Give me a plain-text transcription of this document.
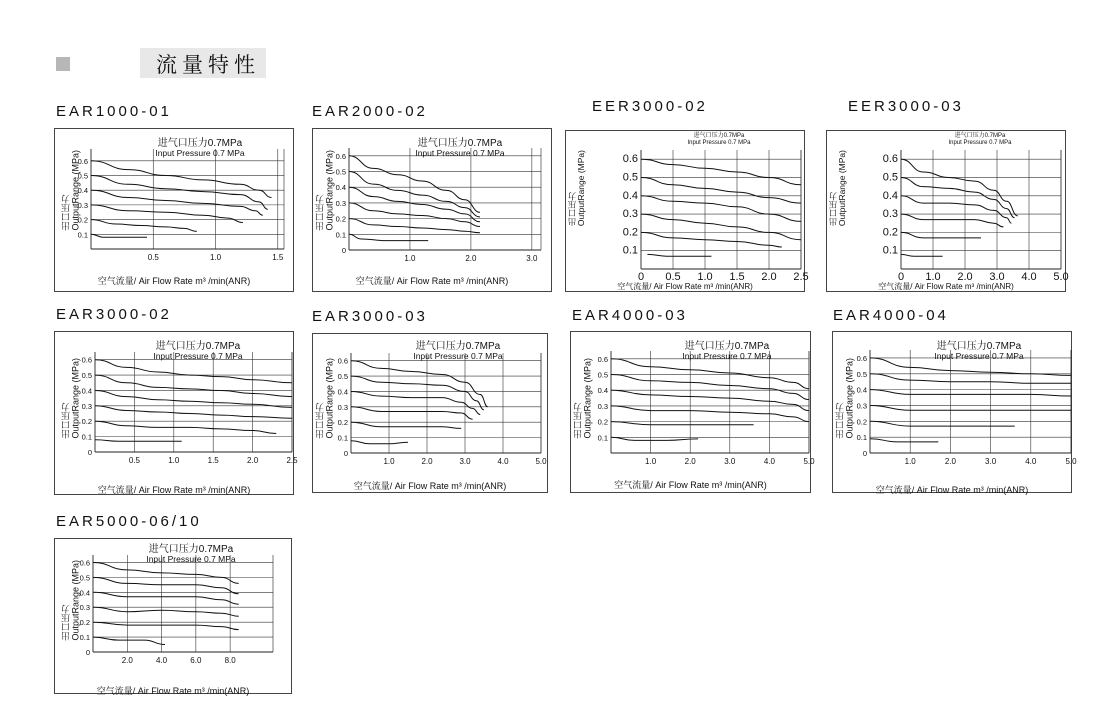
流量特性
EAR1000-01
0.1
0.2
0.3
0.4
0.5
0.6
0.5	1.0	1.5
进气口压力0.7MPa
Input Pressure 0.7 MPa
出口压力
OutputRange (MPa)
空气流量/ Air Flow Rate m³ /min(ANR)
EAR2000-02
0
0.1
0.2
0.3
0.4
0.5
0.6
1.0	2.0	3.0
进气口压力0.7MPa
Input Pressure 0.7 MPa
出口压力
OutputRange (MPa)
空气流量/ Air Flow Rate m³ /min(ANR)
EER3000-02
0.1
0.2
0.3
0.4
0.5
0.6
0 0.5 1.0 1.5 2.0 2.5
进气口压力0.7MPa
Input Pressure 0.7 MPa
出口压力
OutputRange (MPa)
空气流量/ Air Flow Rate m³ /min(ANR)
EER3000-03
0.1
0.2
0.3
0.4
0.5
0.6
0 1.0 2.0 3.0 4.0 5.0
进气口压力0.7MPa
Input Pressure 0.7 MPa
出口压力
OutputRange (MPa)
空气流量/ Air Flow Rate m³ /min(ANR)
EAR3000-02
0
0.1
0.2
0.3
0.4
0.5
0.6
0.5	1.0	1.5	2.0	2.5
进气口压力0.7MPa
Input Pressure 0.7 MPa
出口压力
OutputRange (MPa)
空气流量/ Air Flow Rate m³ /min(ANR)
EAR3000-03
0
0.1
0.2
0.3
0.4
0.5
0.6
1.0	2.0	3.0	4.0	5.0
进气口压力0.7MPa
Input Pressure 0.7 MPa
出口压力
OutputRange (MPa)
空气流量/ Air Flow Rate m³ /min(ANR)
EAR4000-03
0.1
0.2
0.3
0.4
0.5
0.6
1.0	2.0	3.0	4.0	5.0
进气口压力0.7MPa
Input Pressure 0.7 MPa
出口压力
OutputRange (MPa)
空气流量/ Air Flow Rate m³ /min(ANR)
EAR4000-04
0
0.1
0.2
0.3
0.4
0.5
0.6
1.0	2.0	3.0	4.0	5.0
进气口压力0.7MPa
Input Pressure 0.7 MPa
出口压力
OutputRange (MPa)
空气流量/ Air Flow Rate m³ /min(ANR)
EAR5000-06/10
0
0.1
0.2
0.3
0.4
0.5
0.6
2.0	4.0	6.0	8.0
进气口压力0.7MPa
Input Pressure 0.7 MPa
出口压力
OutputRange (MPa)
空气流量/ Air Flow Rate m³ /min(ANR)
